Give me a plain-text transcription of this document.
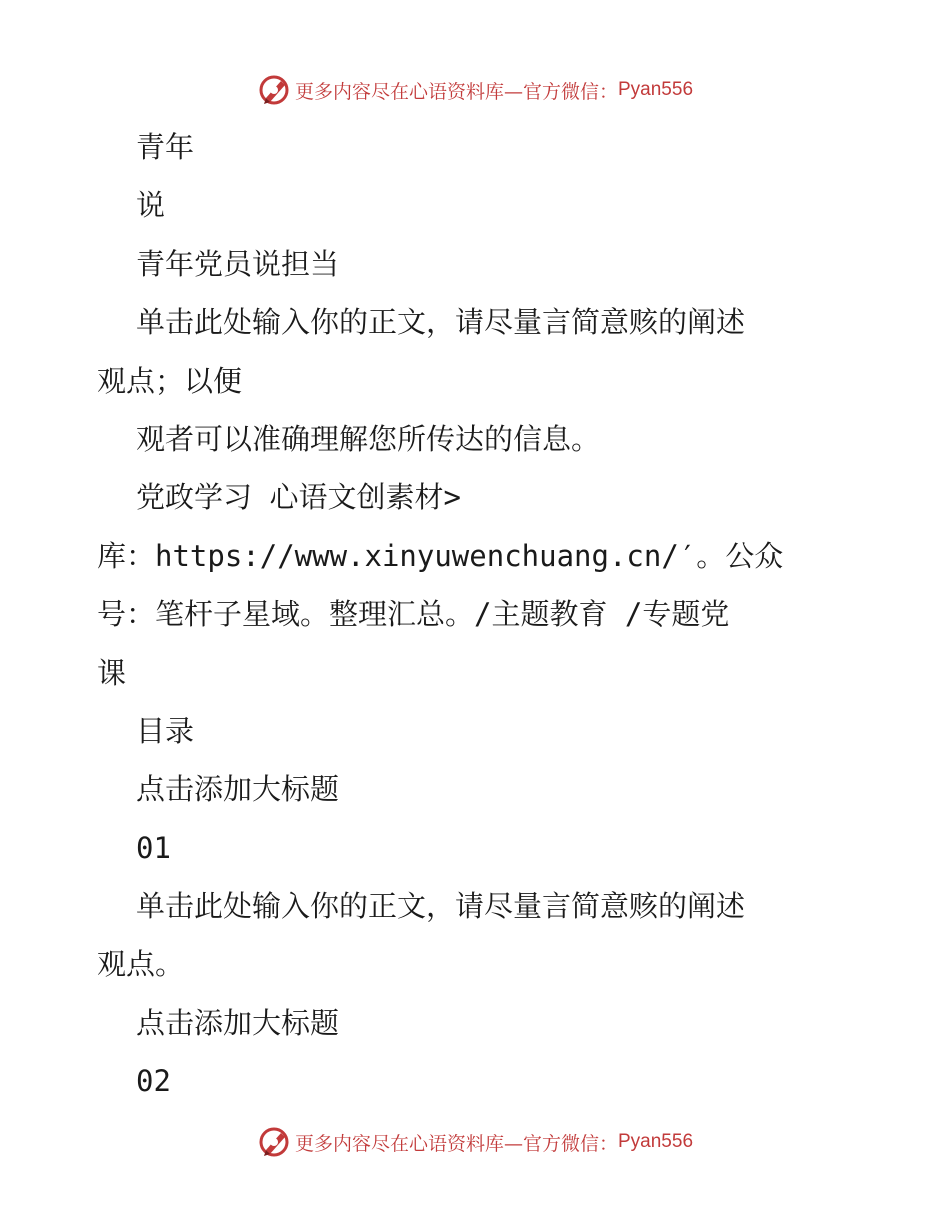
更多内容尽在心语资料库—官方微信： Pyan556

青年

说

青年党员说担当

单击此处输入你的正文，请尽量言简意赅的阐述

观点；以便

观者可以准确理解您所传达的信息。

党政学习 心语文创素材>

库：https://www.xinyuwenchuang.cn/′。公众

号：笔杆子星域。整理汇总。/主题教育 /专题党

课

目录

点击添加大标题

01

单击此处输入你的正文，请尽量言简意赅的阐述

观点。

点击添加大标题

02

更多内容尽在心语资料库—官方微信： Pyan556
